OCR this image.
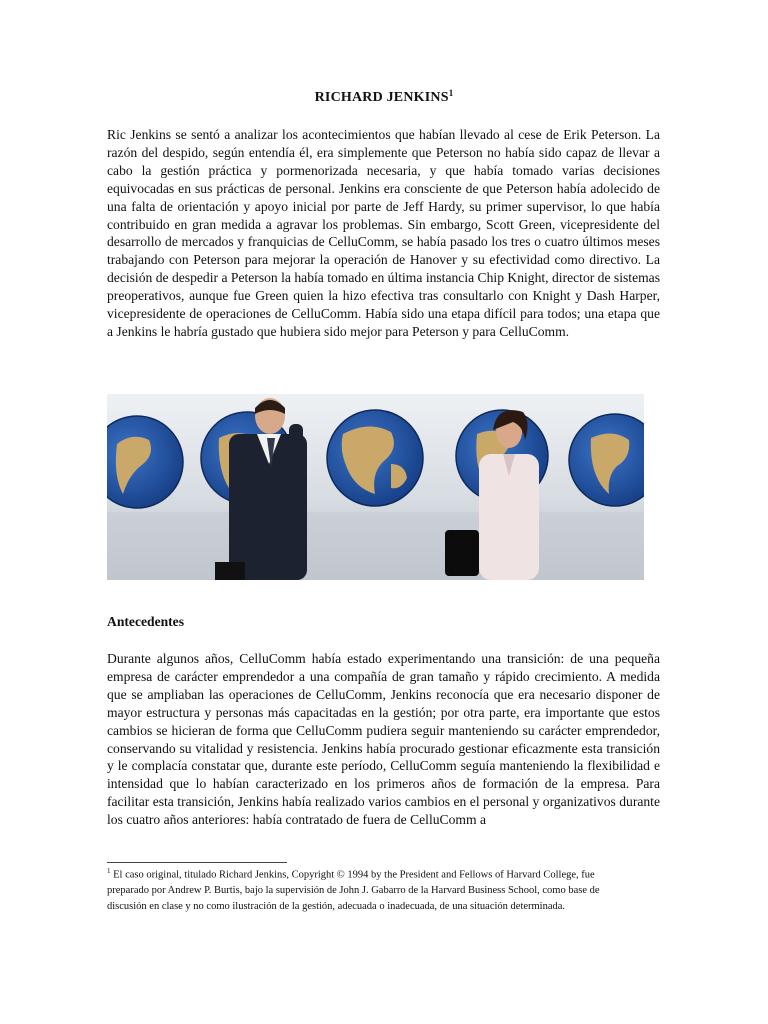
RICHARD JENKINS$^1$

Ric Jenkins se sentó a analizar los acontecimientos que habían llevado al cese de Erik Peterson. La razón del despido, según entendía él, era simplemente que Peterson no había sido capaz de llevar a cabo la gestión práctica y pormenorizada necesaria, y que había tomado varias decisiones equivocadas en sus prácticas de personal. Jenkins era consciente de que Peterson había adolecido de una falta de orientación y apoyo inicial por parte de Jeff Hardy, su primer supervisor, lo que había contribuido en gran medida a agravar los problemas. Sin embargo, Scott Green, vicepresidente del desarrollo de mercados y franquicias de CelluComm, se había pasado los tres o cuatro últimos meses trabajando con Peterson para mejorar la operación de Hanover y su efectividad como directivo. La decisión de despedir a Peterson la había tomado en última instancia Chip Knight, director de sistemas preoperativos, aunque fue Green quien la hizo efectiva tras consultarlo con Knight y Dash Harper, vicepresidente de operaciones de CelluComm. Había sido una etapa difícil para todos; una etapa que a Jenkins le habría gustado que hubiera sido mejor para Peterson y para CelluComm.

Antecedentes

Durante algunos años, CelluComm había estado experimentando una transición: de una pequeña empresa de carácter emprendedor a una compañía de gran tamaño y rápido crecimiento. A medida que se ampliaban las operaciones de CelluComm, Jenkins reconocía que era necesario disponer de mayor estructura y personas más capacitadas en la gestión; por otra parte, era importante que estos cambios se hicieran de forma que CelluComm pudiera seguir manteniendo su carácter emprendedor, conservando su vitalidad y resistencia. Jenkins había procurado gestionar eficazmente esta transición y le complacía constatar que, durante este período, CelluComm seguía manteniendo la flexibilidad e intensidad que lo habían caracterizado en los primeros años de formación de la empresa. Para facilitar esta transición, Jenkins había realizado varios cambios en el personal y organizativos durante los cuatro años anteriores: había contratado de fuera de CelluComm a

$^1$ El caso original, titulado Richard Jenkins, Copyright © 1994 by the President and Fellows of Harvard College, fue preparado por Andrew P. Burtis, bajo la supervisión de John J. Gabarro de la Harvard Business School, como base de discusión en clase y no como ilustración de la gestión, adecuada o inadecuada, de una situación determinada.
